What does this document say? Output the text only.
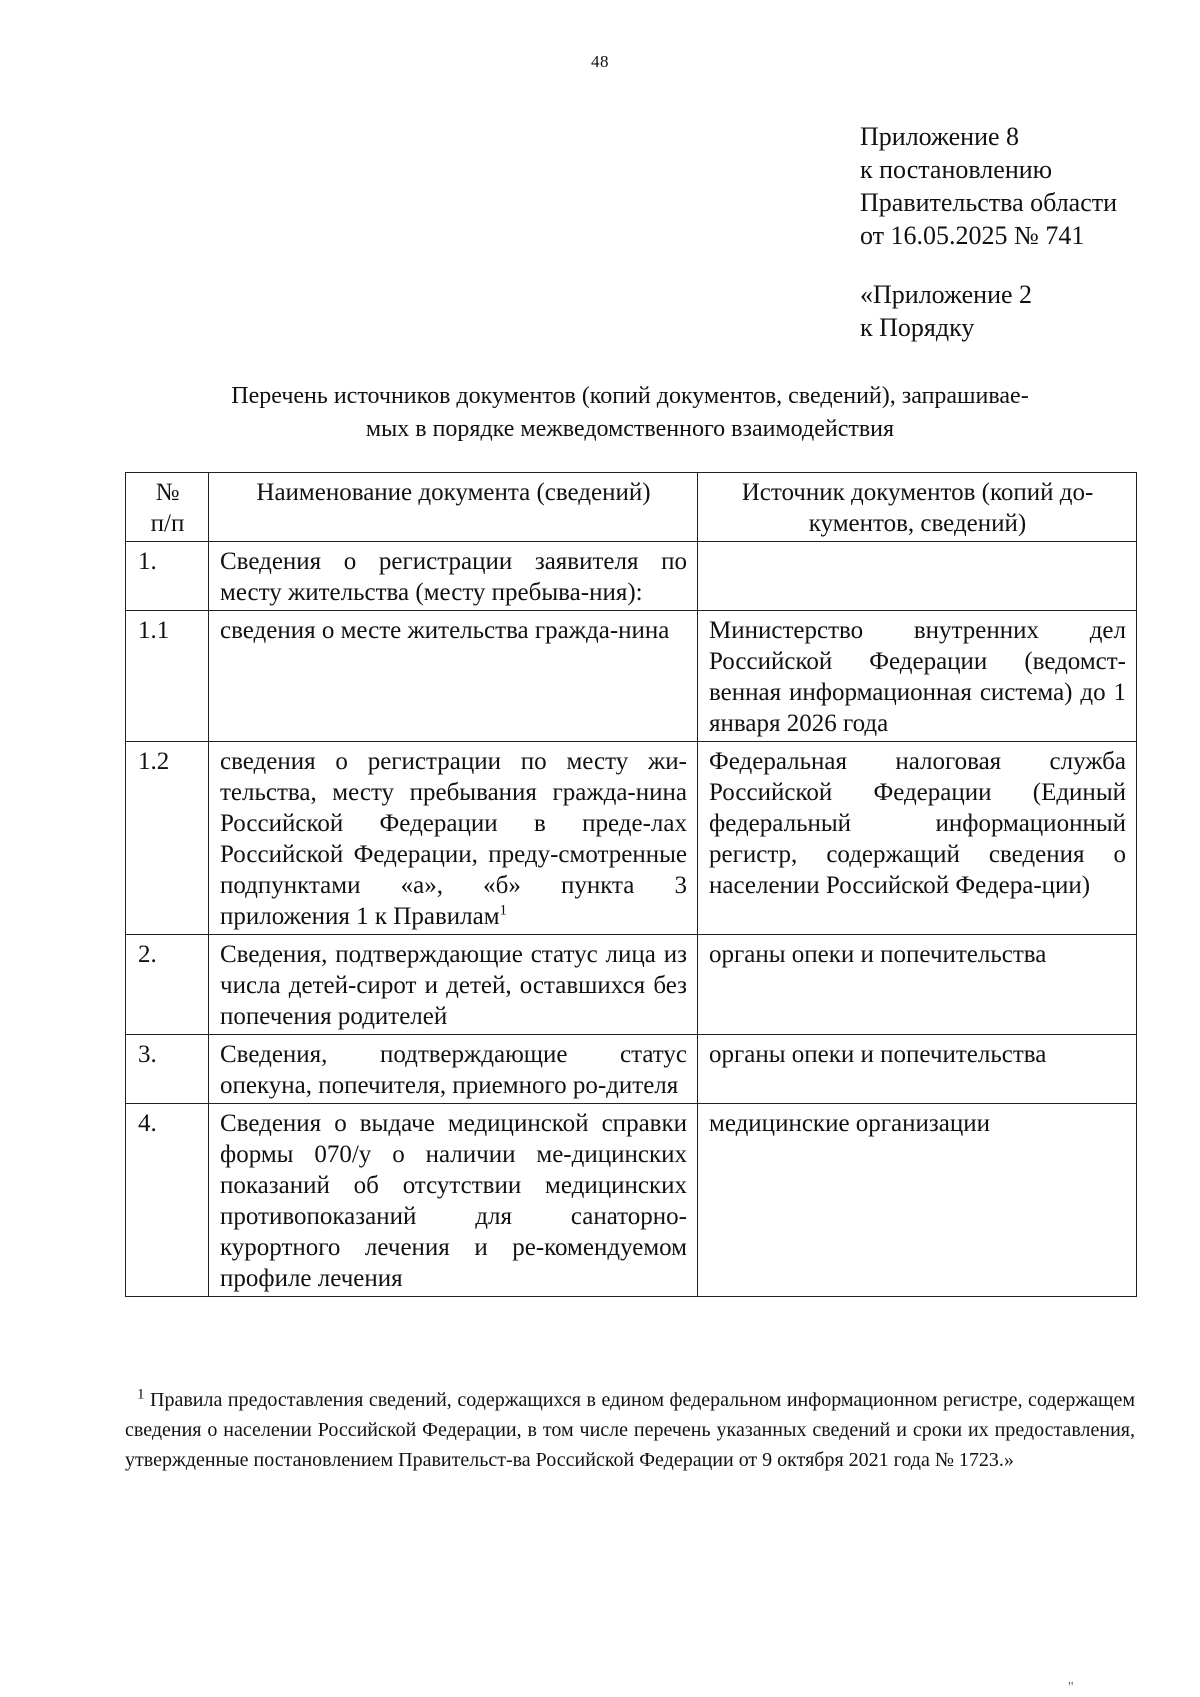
48
Приложение 8
к постановлению
Правительства области
от 16.05.2025 № 741
«Приложение 2
к Порядку
Перечень источников документов (копий документов, сведений), запрашивае-
мых в порядке межведомственного взаимодействия
№
п/п	Наименование документа (сведений)	Источник документов (копий до-кументов, сведений)
1.	Сведения о регистрации заявителя по месту жительства (месту пребыва-ния):	
1.1	сведения о месте жительства гражда-нина	Министерство внутренних дел Российской Федерации (ведомст-венная информационная система) до 1 января 2026 года
1.2	сведения о регистрации по месту жи-тельства, месту пребывания гражда-нина Российской Федерации в преде-лах Российской Федерации, преду-смотренные подпунктами «а», «б» пункта 3 приложения 1 к Правилам$^1$	Федеральная налоговая служба Российской Федерации (Единый федеральный информационный регистр, содержащий сведения о населении Российской Федера-ции)
2.	Сведения, подтверждающие статус лица из числа детей-сирот и детей, оставшихся без попечения родителей	органы опеки и попечительства
3.	Сведения, подтверждающие статус опекуна, попечителя, приемного ро-дителя	органы опеки и попечительства
4.	Сведения о выдаче медицинской справки формы 070/у о наличии ме-дицинских показаний об отсутствии медицинских противопоказаний для санаторно-курортного лечения и ре-комендуемом профиле лечения	медицинские организации
$^1$ Правила предоставления сведений, содержащихся в едином федеральном информационном регистре, содержащем сведения о населении Российской Федерации, в том числе перечень указанных сведений и сроки их предоставления, утвержденные постановлением Правительст-ва Российской Федерации от 9 октября 2021 года № 1723.»
"
